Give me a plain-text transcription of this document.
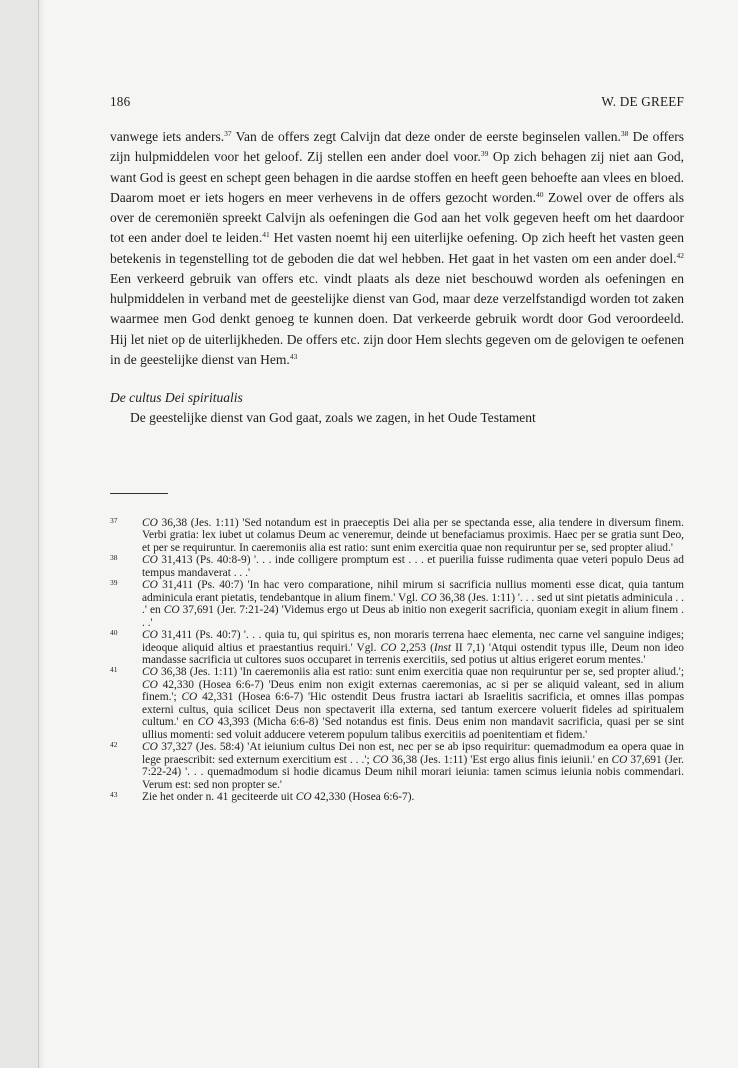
186	W. DE GREEF

vanwege iets anders.$^{37}$ Van de offers zegt Calvijn dat deze onder de eerste beginselen vallen.$^{38}$ De offers zijn hulpmiddelen voor het geloof. Zij stellen een ander doel voor.$^{39}$ Op zich behagen zij niet aan God, want God is geest en schept geen behagen in die aardse stoffen en heeft geen behoefte aan vlees en bloed. Daarom moet er iets hogers en meer verhevens in de offers gezocht worden.$^{40}$ Zowel over de offers als over de ceremoniën spreekt Calvijn als oefeningen die God aan het volk gegeven heeft om het daardoor tot een ander doel te leiden.$^{41}$ Het vasten noemt hij een uiterlijke oefening. Op zich heeft het vasten geen betekenis in tegenstelling tot de geboden die dat wel hebben. Het gaat in het vasten om een ander doel.$^{42}$ Een verkeerd gebruik van offers etc. vindt plaats als deze niet beschouwd worden als oefeningen en hulpmiddelen in verband met de geestelijke dienst van God, maar deze verzelfstandigd worden tot zaken waarmee men God denkt genoeg te kunnen doen. Dat verkeerde gebruik wordt door God veroordeeld. Hij let niet op de uiterlijkheden. De offers etc. zijn door Hem slechts gegeven om de gelovigen te oefenen in de geestelijke dienst van Hem.$^{43}$

De cultus Dei spiritualis

De geestelijke dienst van God gaat, zoals we zagen, in het Oude Testament

37 CO 36,38 (Jes. 1:11) 'Sed notandum est in praeceptis Dei alia per se spectanda esse, alia tendere in diversum finem. Verbi gratia: lex iubet ut colamus Deum ac veneremur, deinde ut benefaciamus proximis. Haec per se gratia sunt Deo, et per se requiruntur. In caeremoniis alia est ratio: sunt enim exercitia quae non requiruntur per se, sed propter aliud.'

38 CO 31,413 (Ps. 40:8-9) '. . . inde colligere promptum est . . . et puerilia fuisse rudimenta quae veteri populo Deus ad tempus mandaverat . . .'

39 CO 31,411 (Ps. 40:7) 'In hac vero comparatione, nihil mirum si sacrificia nullius momenti esse dicat, quia tantum adminicula erant pietatis, tendebantque in alium finem.' Vgl. CO 36,38 (Jes. 1:11) '. . . sed ut sint pietatis adminicula . . .' en CO 37,691 (Jer. 7:21-24) 'Videmus ergo ut Deus ab initio non exegerit sacrificia, quoniam exegit in alium finem . . .'

40 CO 31,411 (Ps. 40:7) '. . . quia tu, qui spiritus es, non moraris terrena haec elementa, nec carne vel sanguine indiges; ideoque aliquid altius et praestantius requiri.' Vgl. CO 2,253 (Inst II 7,1) 'Atqui ostendit typus ille, Deum non ideo mandasse sacrificia ut cultores suos occuparet in terrenis exercitiis, sed potius ut altius erigeret eorum mentes.'

41 CO 36,38 (Jes. 1:11) 'In caeremoniis alia est ratio: sunt enim exercitia quae non requiruntur per se, sed propter aliud.'; CO 42,330 (Hosea 6:6-7) 'Deus enim non exigit externas caeremonias, ac si per se aliquid valeant, sed in alium finem.'; CO 42,331 (Hosea 6:6-7) 'Hic ostendit Deus frustra iactari ab Israelitis sacrificia, et omnes illas pompas externi cultus, quia scilicet Deus non spectaverit illa externa, sed tantum exercere voluerit fideles ad spiritualem cultum.' en CO 43,393 (Micha 6:6-8) 'Sed notandus est finis. Deus enim non mandavit sacrificia, quasi per se sint ullius momenti: sed voluit adducere veterem populum talibus exercitiis ad poenitentiam et fidem.'

42 CO 37,327 (Jes. 58:4) 'At ieiunium cultus Dei non est, nec per se ab ipso requiritur: quemadmodum ea opera quae in lege praescribit: sed externum exercitium est . . .'; CO 36,38 (Jes. 1:11) 'Est ergo alius finis ieiunii.' en CO 37,691 (Jer. 7:22-24) '. . . quemadmodum si hodie dicamus Deum nihil morari ieiunia: tamen scimus ieiunia nobis commendari. Verum est: sed non propter se.'

43 Zie het onder n. 41 geciteerde uit CO 42,330 (Hosea 6:6-7).
